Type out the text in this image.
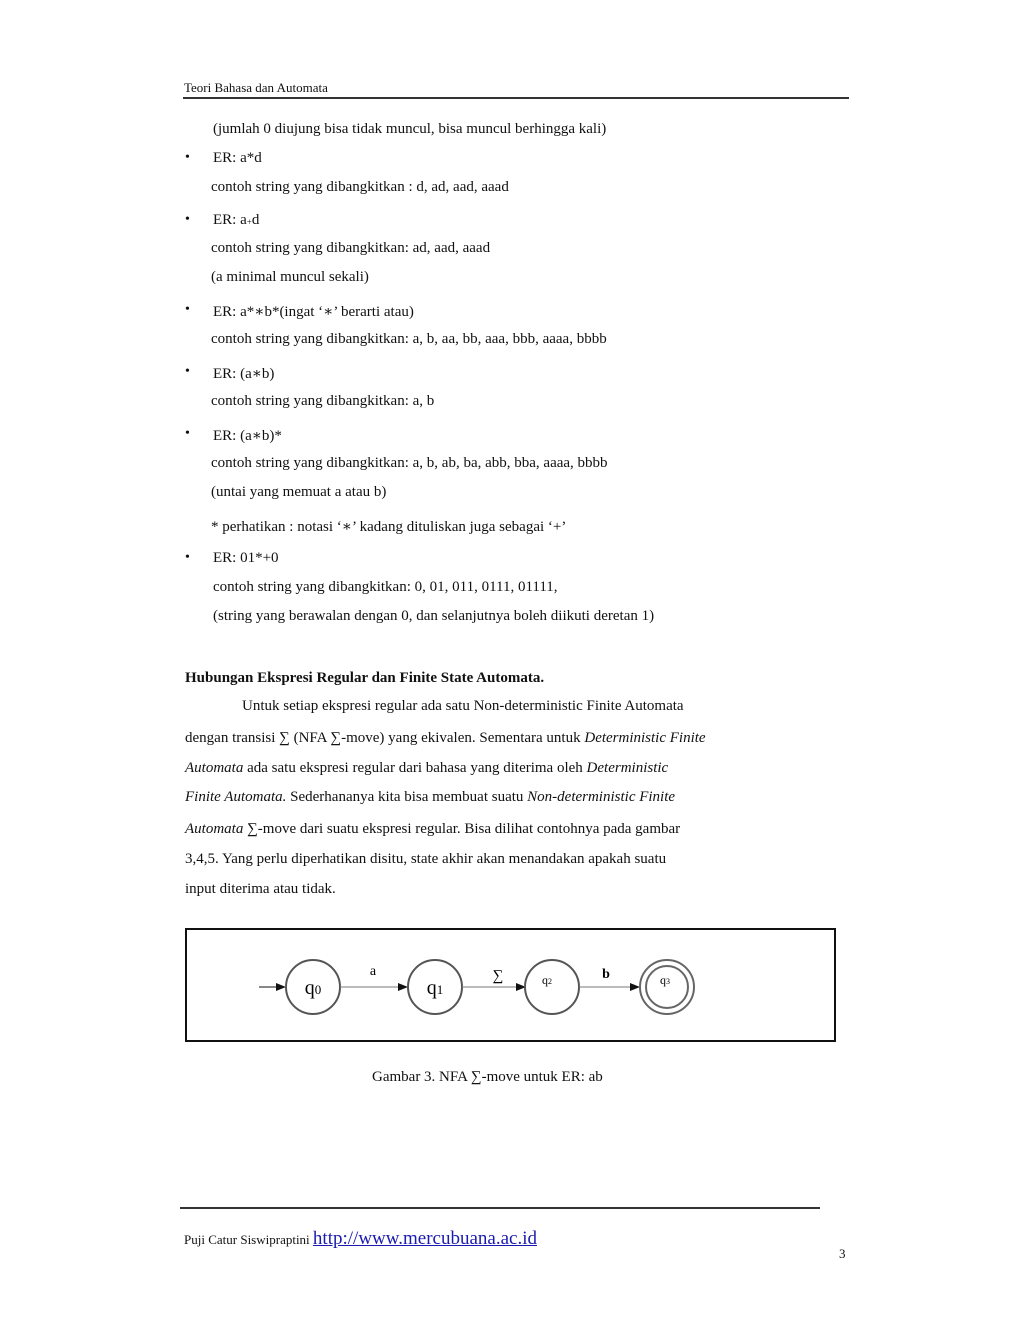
Teori Bahasa dan Automata
(jumlah 0 diujung bisa tidak muncul, bisa muncul berhingga kali)
• ER: a*d
contoh string yang dibangkitkan : d, ad, aad, aaad
• ER: a+d
contoh string yang dibangkitkan: ad, aad, aaad
(a minimal muncul sekali)
• ER: a*∗b*(ingat ‘∗’ berarti atau)
contoh string yang dibangkitkan: a, b, aa, bb, aaa, bbb, aaaa, bbbb
• ER: (a∗b)
contoh string yang dibangkitkan: a, b
• ER: (a∗b)*
contoh string yang dibangkitkan: a, b, ab, ba, abb, bba, aaaa, bbbb
(untai yang memuat a atau b)
* perhatikan : notasi ‘∗’ kadang dituliskan juga sebagai ‘+’
• ER: 01*+0
contoh string yang dibangkitkan: 0, 01, 011, 0111, 01111,
(string yang berawalan dengan 0, dan selanjutnya boleh diikuti deretan 1)
Hubungan Ekspresi Regular dan Finite State Automata.
Untuk setiap ekspresi regular ada satu Non-deterministic Finite Automata
dengan transisi ∑ (NFA ∑-move) yang ekivalen. Sementara untuk Deterministic Finite
Automata ada satu ekspresi regular dari bahasa yang diterima oleh Deterministic
Finite Automata. Sederhananya kita bisa membuat suatu Non-deterministic Finite
Automata ∑-move dari suatu ekspresi regular. Bisa dilihat contohnya pada gambar
3,4,5. Yang perlu diperhatikan disitu, state akhir akan menandakan apakah suatu
input diterima atau tidak.
q0
a
q1
∑	q2	b	q3
Gambar 3. NFA ∑-move untuk ER: ab
Puji Catur Siswipraptini http://www.mercubuana.ac.id
3
